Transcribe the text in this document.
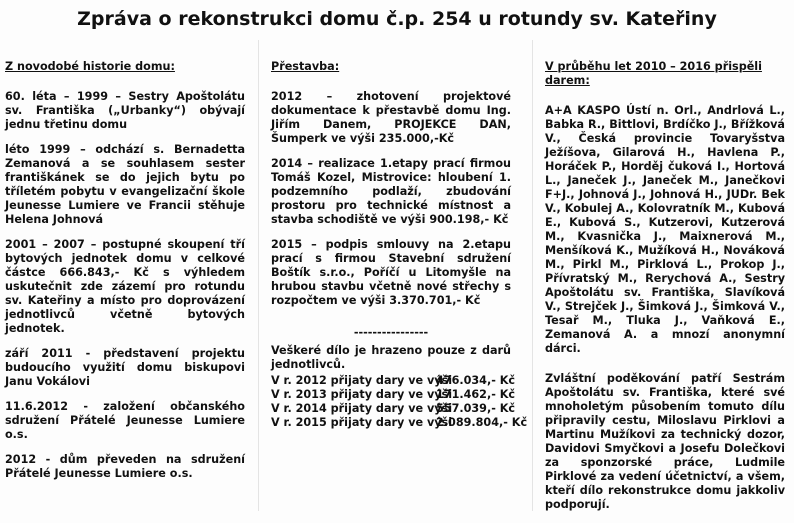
Zpráva o rekonstrukci domu č.p. 254 u rotundy sv. Kateřiny

Z novodobé historie domu:

60. léta – 1999 – Sestry Apoštolátu sv. Františka („Urbanky“) obývají jednu třetinu domu

léto 1999 – odchází s. Bernadetta Zemanová a se souhlasem sester františkánek se do jejich bytu po tříletém pobytu v evangelizační škole Jeunesse Lumiere ve Francii stěhuje Helena Johnová

2001 – 2007 – postupné skoupení tří bytových jednotek domu v celkové částce 666.843,- Kč s výhledem uskutečnit zde zázemí pro rotundu sv. Kateřiny a místo pro doprovázení jednotlivců včetně bytových jednotek.

září 2011 - představení projektu budoucího využití domu biskupovi Janu Vokálovi

11.6.2012 - založení občanského sdružení Přátelé Jeunesse Lumiere o.s.

2012 - dům převeden na sdružení Přátelé Jeunesse Lumiere o.s.

Přestavba:

2012 – zhotovení projektové dokumentace k přestavbě domu Ing. Jiřím Danem, PROJEKCE DAN, Šumperk ve výši 235.000,-Kč

2014 – realizace 1.etapy prací firmou Tomáš Kozel, Mistrovice: hloubení 1. podzemního podlaží, zbudování prostoru pro technické místnost a stavba schodiště ve výši 900.198,- Kč

2015 – podpis smlouvy na 2.etapu prací s firmou Stavební sdružení Boštík s.r.o., Poříčí u Litomyšle na hrubou stavbu včetně nové střechy s rozpočtem ve výši 3.370.701,- Kč

----------------

Veškeré dílo je hrazeno pouze z darů jednotlivců.

V r. 2012 přijaty dary ve výši476.034,- Kč

V r. 2013 přijaty dary ve výši171.462,- Kč

V r. 2014 přijaty dary ve výši557.039,- Kč

V r. 2015 přijaty dary ve výši2.089.804,- Kč

V průběhu let 2010 – 2016 přispěli darem:

A+A KASPO Ústí n. Orl., Andrlová L., Babka R., Bittlovi, Brdíčko J., Břížková V., Česká provincie Tovaryšstva Ježíšova, Gilarová H., Havlena P., Horáček P., Horděj čuková I., Hortová L., Janeček J., Janeček M., Janečkovi F+J., Johnová J., Johnová H., JUDr. Bek V., Kobulej A., Kolovratník M., Kubová E., Kubová S., Kutzerovi, Kutzerová M., Kvasnička J., Maixnerová M., Menšíková K., Mužíková H., Nováková M., Pirkl M., Pirklová L., Prokop J., Přívratský M., Rerychová A., Sestry Apoštolátu sv. Františka, Slavíková V., Strejček J., Šimková J., Šimková V., Tesař M., Tluka J., Vaňková E., Zemanová A. a mnozí anonymní dárci.

Zvláštní poděkování patří Sestrám Apoštolátu sv. Františka, které své mnoholetým působením tomuto dílu připravily cestu, Miloslavu Pirklovi a Martinu Mužíkovi za technický dozor, Davidovi Smyčkovi a Josefu Dolečkovi za sponzorské práce, Ludmile Pirklové za vedení účetnictví, a všem, kteří dílo rekonstrukce domu jakkoliv podporují.
